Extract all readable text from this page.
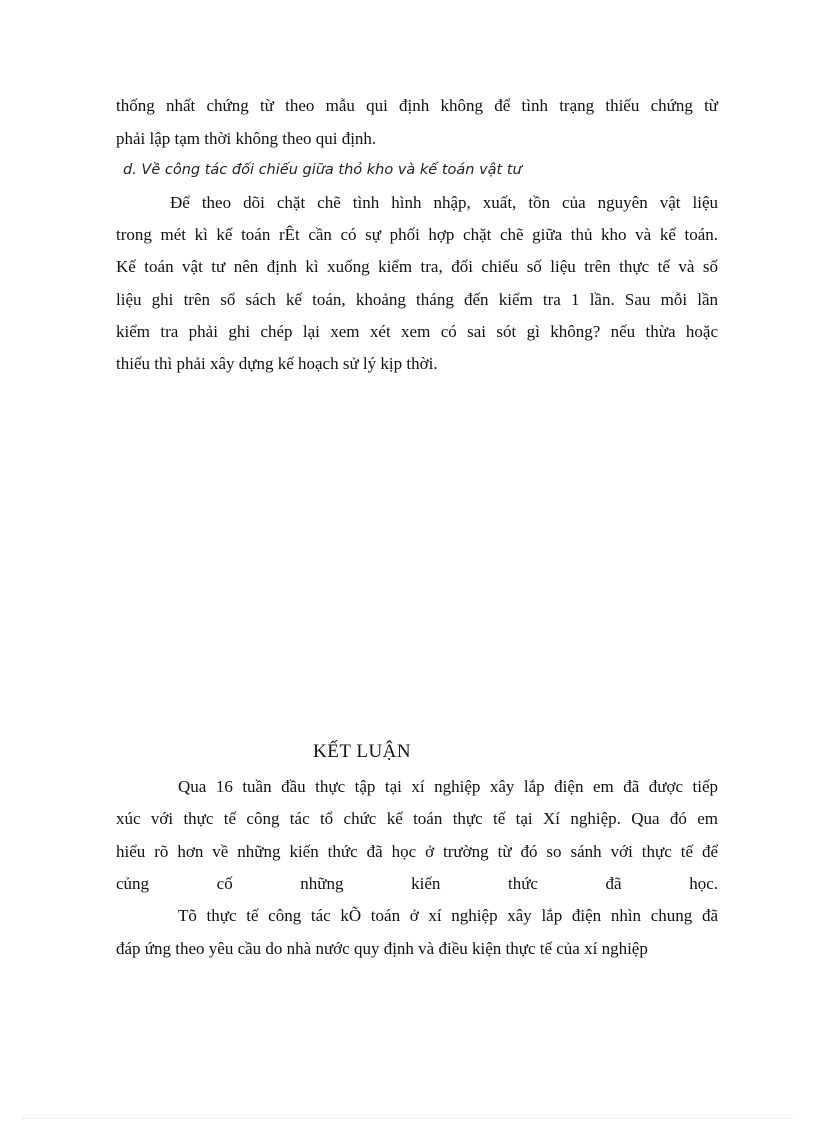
thống nhất chứng từ theo mẫu qui định không để tình trạng thiếu chứng từ
phải lập tạm thời không theo qui định.
d. Về công tác đối chiếu giữa thỏ kho và kế toán vật tư
Để theo dõi chặt chẽ tình hình nhập, xuất, tồn của nguyên vật liệu
trong mét kì kế toán rÊt cần có sự phối hợp chặt chẽ giữa thủ kho và kế toán.
Kế toán vật tư nên định kì xuống kiểm tra, đối chiếu số liệu trên thực tế và số
liệu ghi trên sổ sách kế toán, khoảng tháng đến kiểm tra 1 lần. Sau mỗi lần
kiểm tra phải ghi chép lại xem xét xem có sai sót gì không? nếu thừa hoặc
thiếu thì phải xây dựng kế hoạch sử lý kịp thời.
KẾT LUẬN
Qua 16 tuần đầu thực tập tại xí nghiệp xây lắp điện em đã được tiếp
xúc với thực tế công tác tổ chức kế toán thực tế tại Xí nghiệp. Qua đó em
hiểu rõ hơn về những kiến thức đã học ở trường từ đó so sánh với thực tế để
củng cố những kiến thức đã học.
Tõ thực tế công tác kÕ toán ở xí nghiệp xây lắp điện nhìn chung đã
đáp ứng theo yêu cầu do nhà nước quy định và điều kiện thực tế của xí nghiệp
